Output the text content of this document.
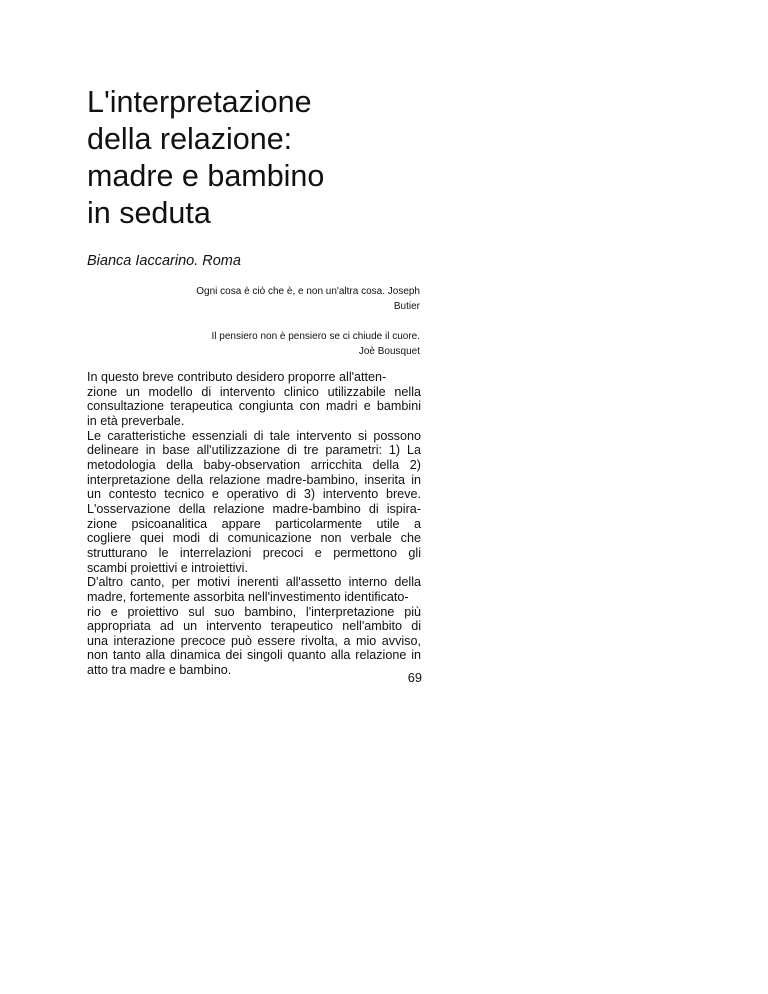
L'interpretazione
della relazione:
madre e bambino
in seduta

Bianca Iaccarino. Roma

Ogni cosa è ciò che è, e non un'altra cosa. Joseph
Butier

Il pensiero non è pensiero se ci chiude il cuore.
Joè Bousquet

In questo breve contributo desidero proporre all'atten-
zione un modello di intervento clinico utilizzabile nella
consultazione terapeutica congiunta con madri e bambini
in età preverbale.
Le caratteristiche essenziali di tale intervento si possono
delineare in base all'utilizzazione di tre parametri: 1) La
metodologia della baby-observation arricchita della 2)
interpretazione della relazione madre-bambino, inserita in
un contesto tecnico e operativo di 3) intervento breve.
L'osservazione della relazione madre-bambino di ispira-
zione psicoanalitica appare particolarmente utile a
cogliere quei modi di comunicazione non verbale che
strutturano le interrelazioni precoci e permettono gli
scambi proiettivi e introiettivi.
D'altro canto, per motivi inerenti all'assetto interno della
madre, fortemente assorbita nell'investimento identificato-
rio e proiettivo sul suo bambino, l'interpretazione più
appropriata ad un intervento terapeutico nell'ambito di
una interazione precoce può essere rivolta, a mio avviso,
non tanto alla dinamica dei singoli quanto alla relazione in
atto tra madre e bambino.	69
